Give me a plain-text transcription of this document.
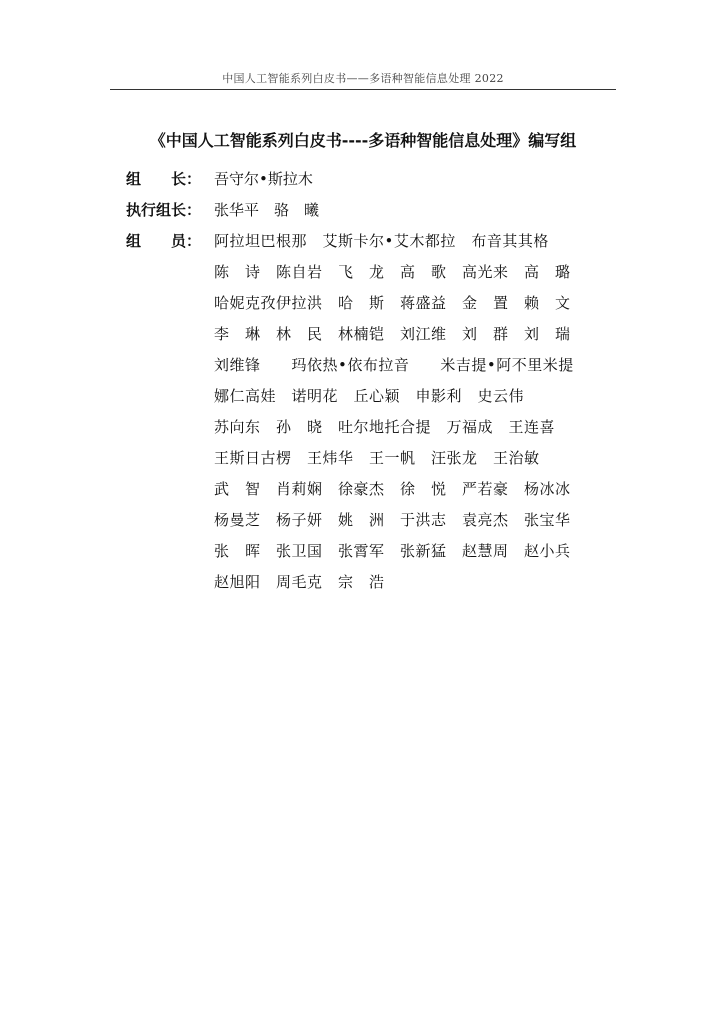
中国人工智能系列白皮书——多语种智能信息处理 2022
《中国人工智能系列白皮书----多语种智能信息处理》编写组
组　　长： 吾守尔•斯拉木
执行组长： 张华平　骆　曦
组　　员： 阿拉坦巴根那　艾斯卡尔•艾木都拉　布音其其格
陈　诗　陈自岩　飞　龙　高　歌　高光来　高　璐
哈妮克孜伊拉洪　哈　斯　蒋盛益　金　置　赖　文
李　琳　林　民　林楠铠　刘江维　刘　群　刘　瑞
刘维锋　　玛依热•依布拉音　　米吉提•阿不里米提
娜仁高娃　诺明花　丘心颖　申影利　史云伟
苏向东　孙　晓　吐尔地托合提　万福成　王连喜
王斯日古楞　王炜华　王一帆　汪张龙　王治敏
武　智　肖莉娴　徐豪杰　徐　悦　严若豪　杨冰冰
杨曼芝　杨子妍　姚　洲　于洪志　袁亮杰　张宝华
张　晖　张卫国　张霄军　张新猛　赵慧周　赵小兵
赵旭阳　周毛克　宗　浩
